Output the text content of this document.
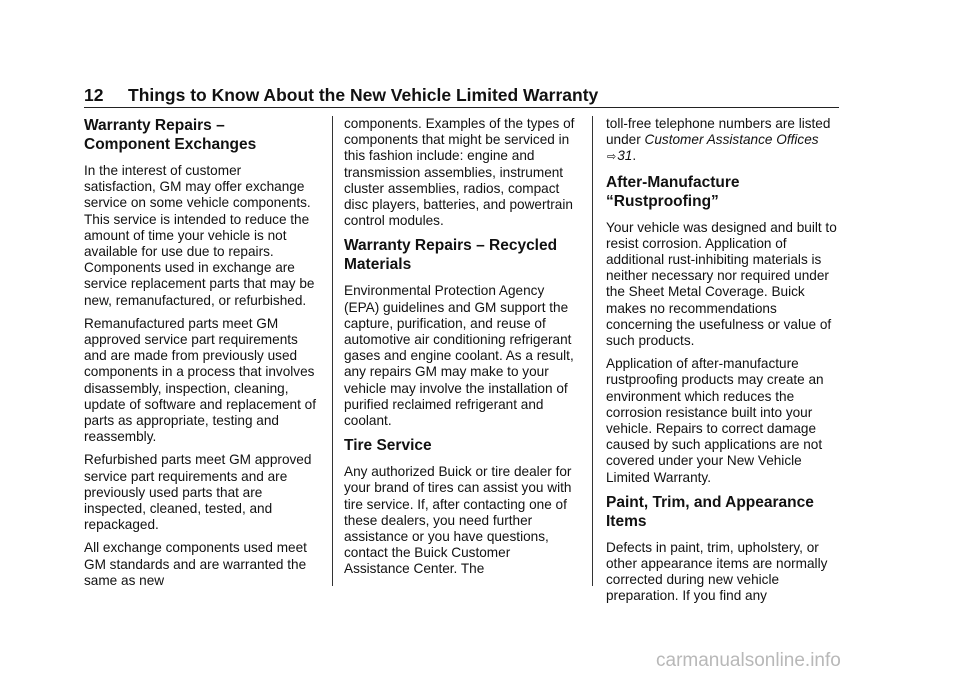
12 Things to Know About the New Vehicle Limited Warranty
Warranty Repairs –
Component Exchanges

In the interest of customer satisfaction, GM may offer exchange service on some vehicle components. This service is intended to reduce the amount of time your vehicle is not available for use due to repairs. Components used in exchange are service replacement parts that may be new, remanufactured, or refurbished.

Remanufactured parts meet GM approved service part requirements and are made from previously used components in a process that involves disassembly, inspection, cleaning, update of software and replacement of parts as appropriate, testing and reassembly.

Refurbished parts meet GM approved service part requirements and are previously used parts that are inspected, cleaned, tested, and repackaged.

All exchange components used meet GM standards and are warranted the same as new

components. Examples of the types of components that might be serviced in this fashion include: engine and transmission assemblies, instrument cluster assemblies, radios, compact disc players, batteries, and powertrain control modules.

Warranty Repairs – Recycled Materials

Environmental Protection Agency (EPA) guidelines and GM support the capture, purification, and reuse of automotive air conditioning refrigerant gases and engine coolant. As a result, any repairs GM may make to your vehicle may involve the installation of purified reclaimed refrigerant and coolant.

Tire Service

Any authorized Buick or tire dealer for your brand of tires can assist you with tire service. If, after contacting one of these dealers, you need further assistance or you have questions, contact the Buick Customer Assistance Center. The

toll-free telephone numbers are listed under Customer Assistance Offices ⇨31.

After-Manufacture
“Rustproofing”

Your vehicle was designed and built to resist corrosion. Application of additional rust-inhibiting materials is neither necessary nor required under the Sheet Metal Coverage. Buick makes no recommendations concerning the usefulness or value of such products.

Application of after-manufacture rustproofing products may create an environment which reduces the corrosion resistance built into your vehicle. Repairs to correct damage caused by such applications are not covered under your New Vehicle Limited Warranty.

Paint, Trim, and Appearance Items

Defects in paint, trim, upholstery, or other appearance items are normally corrected during new vehicle preparation. If you find any

carmanualsonline.info
